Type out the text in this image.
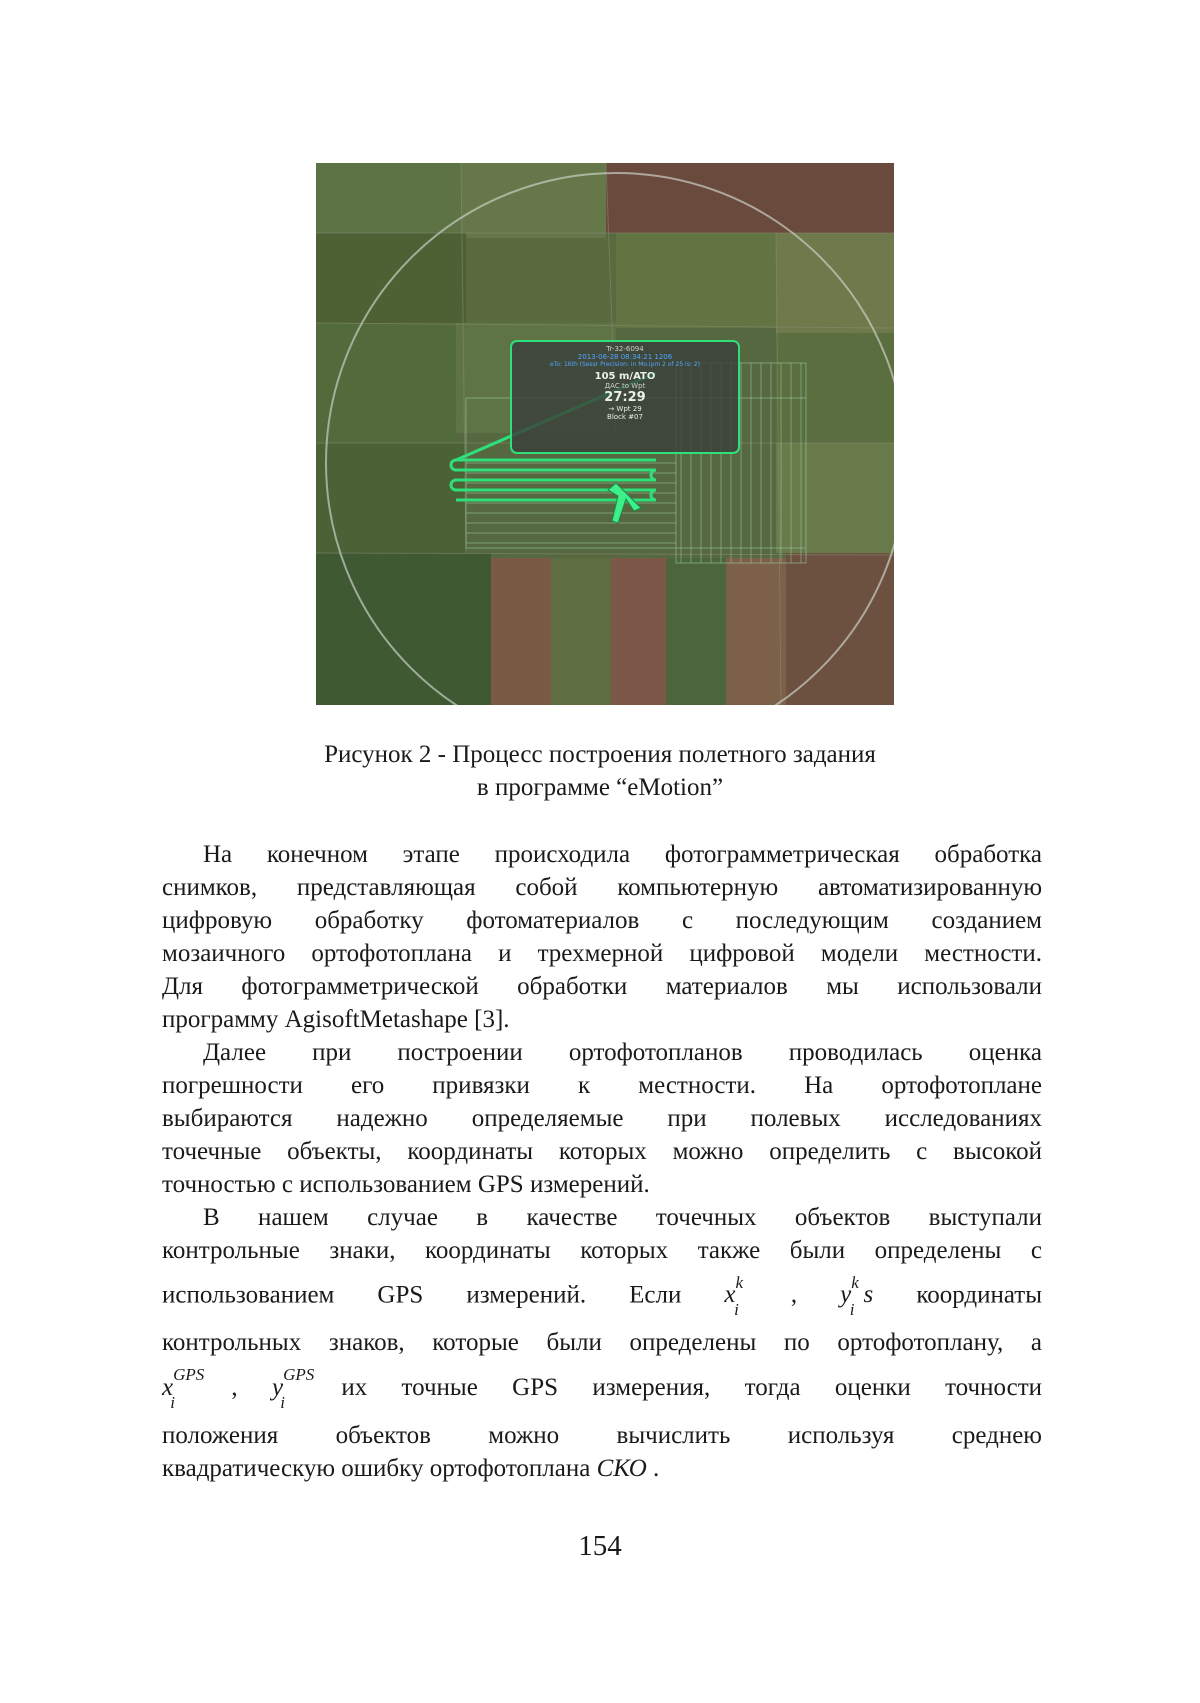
Tr-32-6094
2013-06-28 08:34:21 1206
eTo: 16th (Sessr Precision: in Mo.ipm 2 of 25 is: 2)
105 m/ATO
ДАС to Wpt
27:29
→ Wpt 29
Block #07
Рисунок 2 - Процесс построения полетного задания
в программе “eMotion”

На конечном этапе происходила фотограмметрическая обработка
снимков, представляющая собой компьютерную автоматизированную
цифровую обработку фотоматериалов с последующим созданием
мозаичного ортофотоплана и трехмерной цифровой модели местности.
Для фотограмметрической обработки материалов мы использовали
программу AgisoftMetashape [3].

Далее при построении ортофотопланов проводилась оценка
погрешности его привязки к местности. На ортофотоплане
выбираются надежно определяемые при полевых исследованиях
точечные объекты, координаты которых можно определить с высокой
точностью с использованием GPS измерений.

В нашем случае в качестве точечных объектов выступали
контрольные знаки, координаты которых также были определены с
использованием GPS измерений. Если $x^k_i$ , $y^k_is$ координаты
контрольных знаков, которые были определены по ортофотоплану, а
$x^{GPS}_i$ , $y^{GPS}_i$ их точные GPS измерения, тогда оценки точности
положения объектов можно вычислить используя среднею
квадратическую ошибку ортофотоплана СКО .

154
